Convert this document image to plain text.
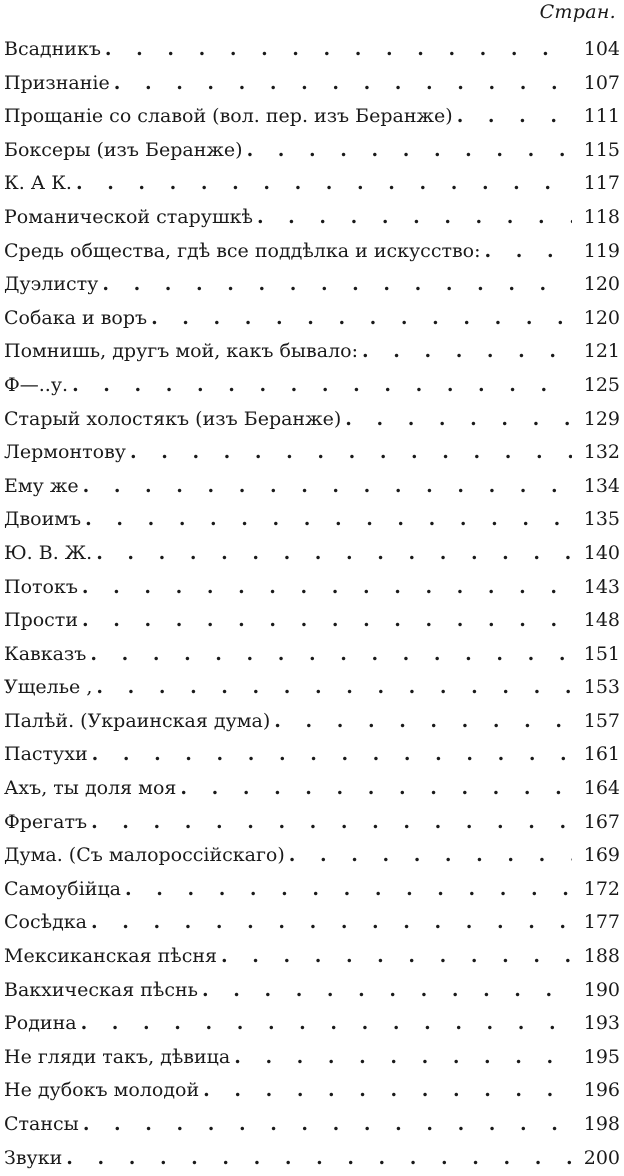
Стран.
Всадникъ . . .	104
Признаніе . . .	107
Прощаніе со славой (вол. пер. изъ Беранже) . . .	111
Боксеры (изъ Беранже) . . .	115
К. А К. . . .	117
Романической старушкѣ . . .	118
Средь общества, гдѣ все поддѣлка и искусство: . . .	119
Дуэлисту . . .	120
Собака и воръ . . .	120
Помнишь, другъ мой, какъ бывало: . . .	121
Ф—..у. . . .	125
Старый холостякъ (изъ Беранже) . . .	129
Лермонтову . . .	132
Ему же . . .	134
Двоимъ . . .	135
Ю. В. Ж. . . .	140
Потокъ . . .	143
Прости . . .	148
Кавказъ . . .	151
Ущелье , . . .	153
Палѣй. (Украинская дума) . . .	157
Пастухи . . .	161
Ахъ, ты доля моя . . .	164
Фрегатъ . . .	167
Дума. (Съ малороссійскаго) . . .	169
Самоубійца . . .	172
Сосѣдка . . .	177
Мексиканская пѣсня . . .	188
Вакхическая пѣснь . . .	190
Родина . . .	193
Не гляди такъ, дѣвица . . .	195
Не дубокъ молодой . . .	196
Стансы . . .	198
Звуки . . .	200
